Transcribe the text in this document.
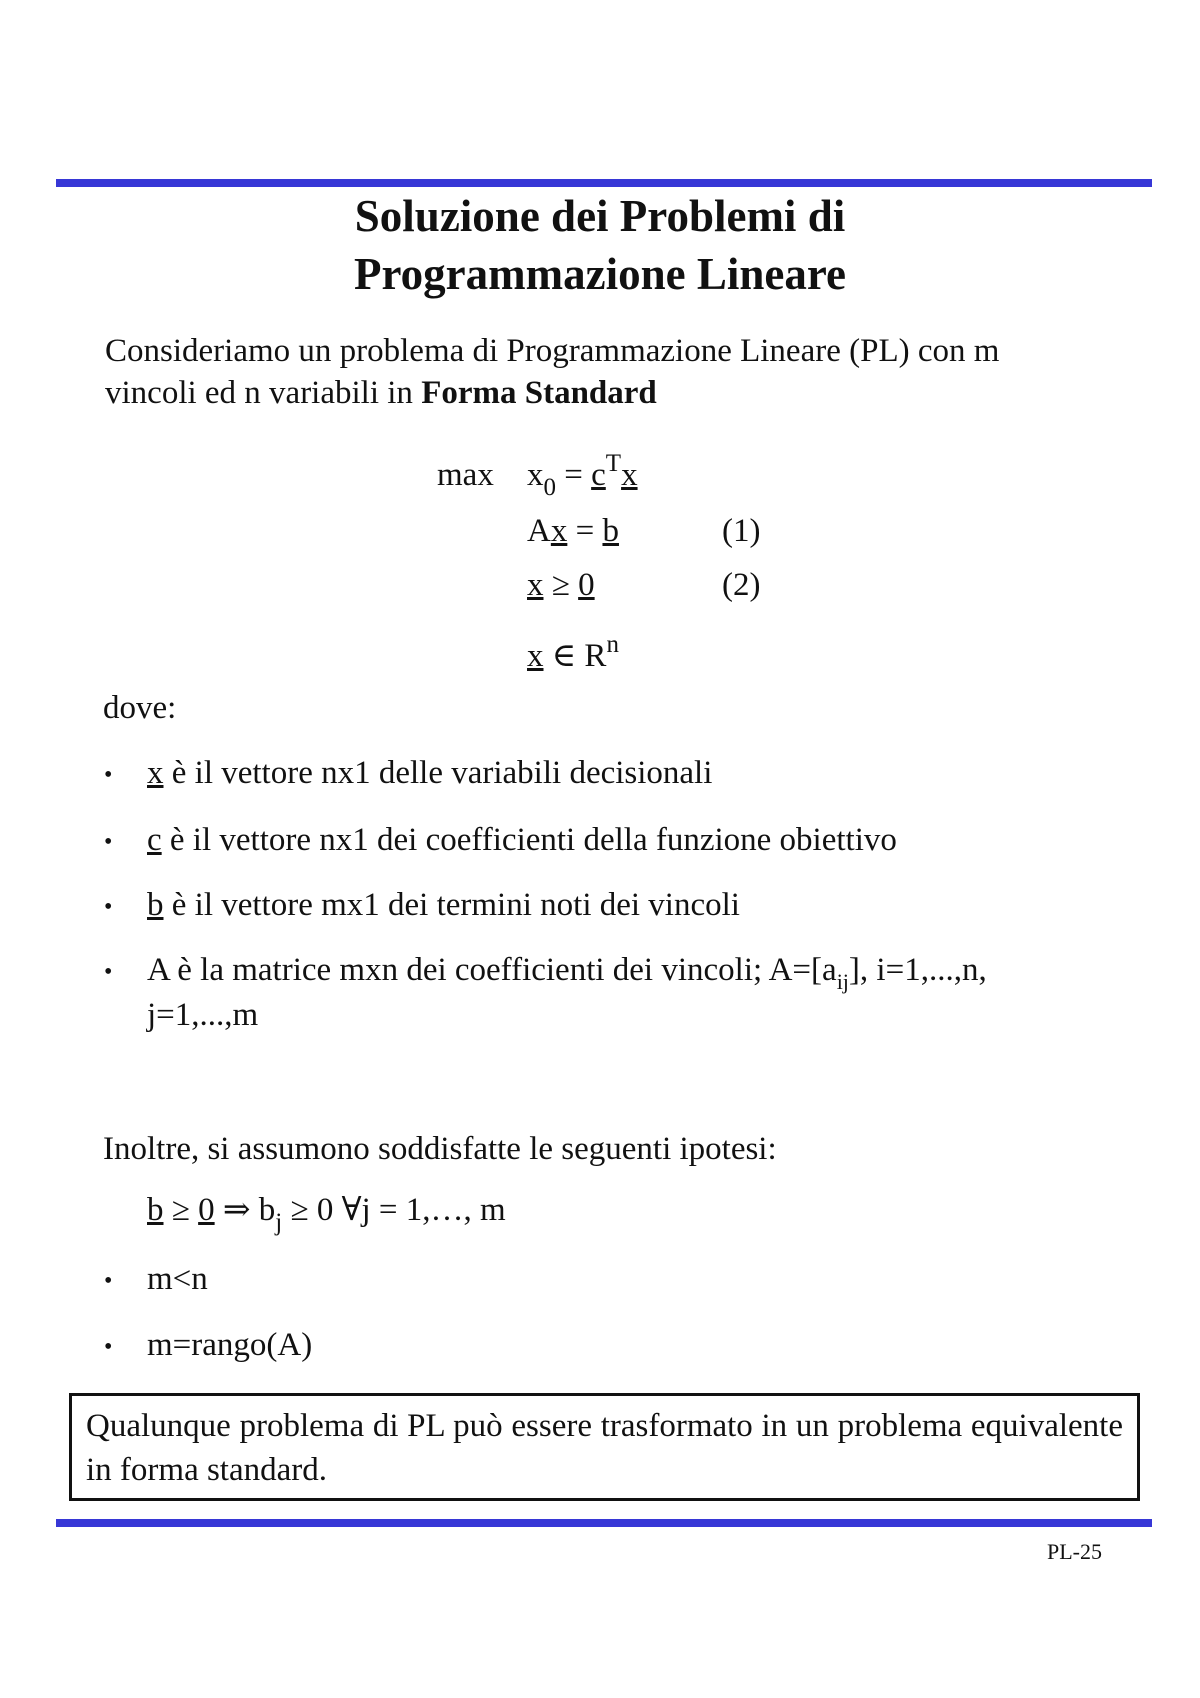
Soluzione dei Problemi di
Programmazione Lineare
Consideriamo un problema di Programmazione Lineare (PL) con m
vincoli ed n variabili in Forma Standard
$\max x_0 = c^Tx$
Ax = b	(1)
x ≥ 0	(2)
x ∈ $R^n$
dove:
• x è il vettore nx1 delle variabili decisionali
• c è il vettore nx1 dei coefficienti della funzione obiettivo
• b è il vettore mx1 dei termini noti dei vincoli
• A è la matrice mxn dei coefficienti dei vincoli; $A=[a_{ij}]$, i=1,...,n,
j=1,...,m
Inoltre, si assumono soddisfatte le seguenti ipotesi:
b ≥ 0 ⇒ $b_j \ge 0$ ∀j = 1,…, m
• m<n
• m=rango(A)
Qualunque problema di PL può essere trasformato in un problema equivalente in forma standard.
PL-25
